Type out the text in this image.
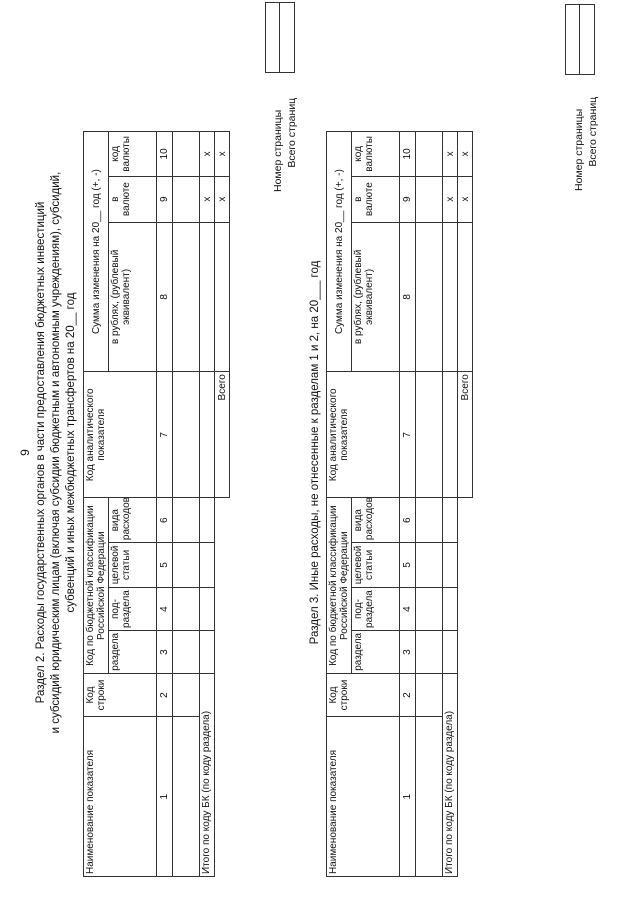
9 Раздел 2. Расходы государственных органов в части предоставления бюджетных инвестиций и субсидий юридическим лицам (включая субсидии бюджетным и автономным учреждениям), субсидий, субвенций и иных межбюджетных трансфертов на 20__ год
Наименование показателя	Код строки	Код по бюджетной классификации Российской Федерации				Код аналитического показателя	Сумма изменения на 20__ год (+, -)		
		раздела	под-раздела	целевой статьи	вида расходов		в рублях, (рублевый эквивалент)	в валюте	код валюты
1	2	3	4	5	6	7	8	9	10

Итого по коду БК (по коду раздела)								х	х
						Всего		х	х	Номер страницы Всего страниц
Раздел 3. Иные расходы, не отнесенные к разделам 1 и 2, на 20___ год
Наименование показателя	Код строки	Код по бюджетной классификации Российской Федерации				Код аналитического показателя	Сумма изменения на 20__ год (+, -)		
		раздела	под-раздела	целевой статьи	вида расходов		в рублях, (рублевый эквивалент)	в валюте	код валюты
1	2	3	4	5	6	7	8	9	10

Итого по коду БК (по коду раздела)								х	х
						Всего		х	х	Номер страницы Всего страниц
